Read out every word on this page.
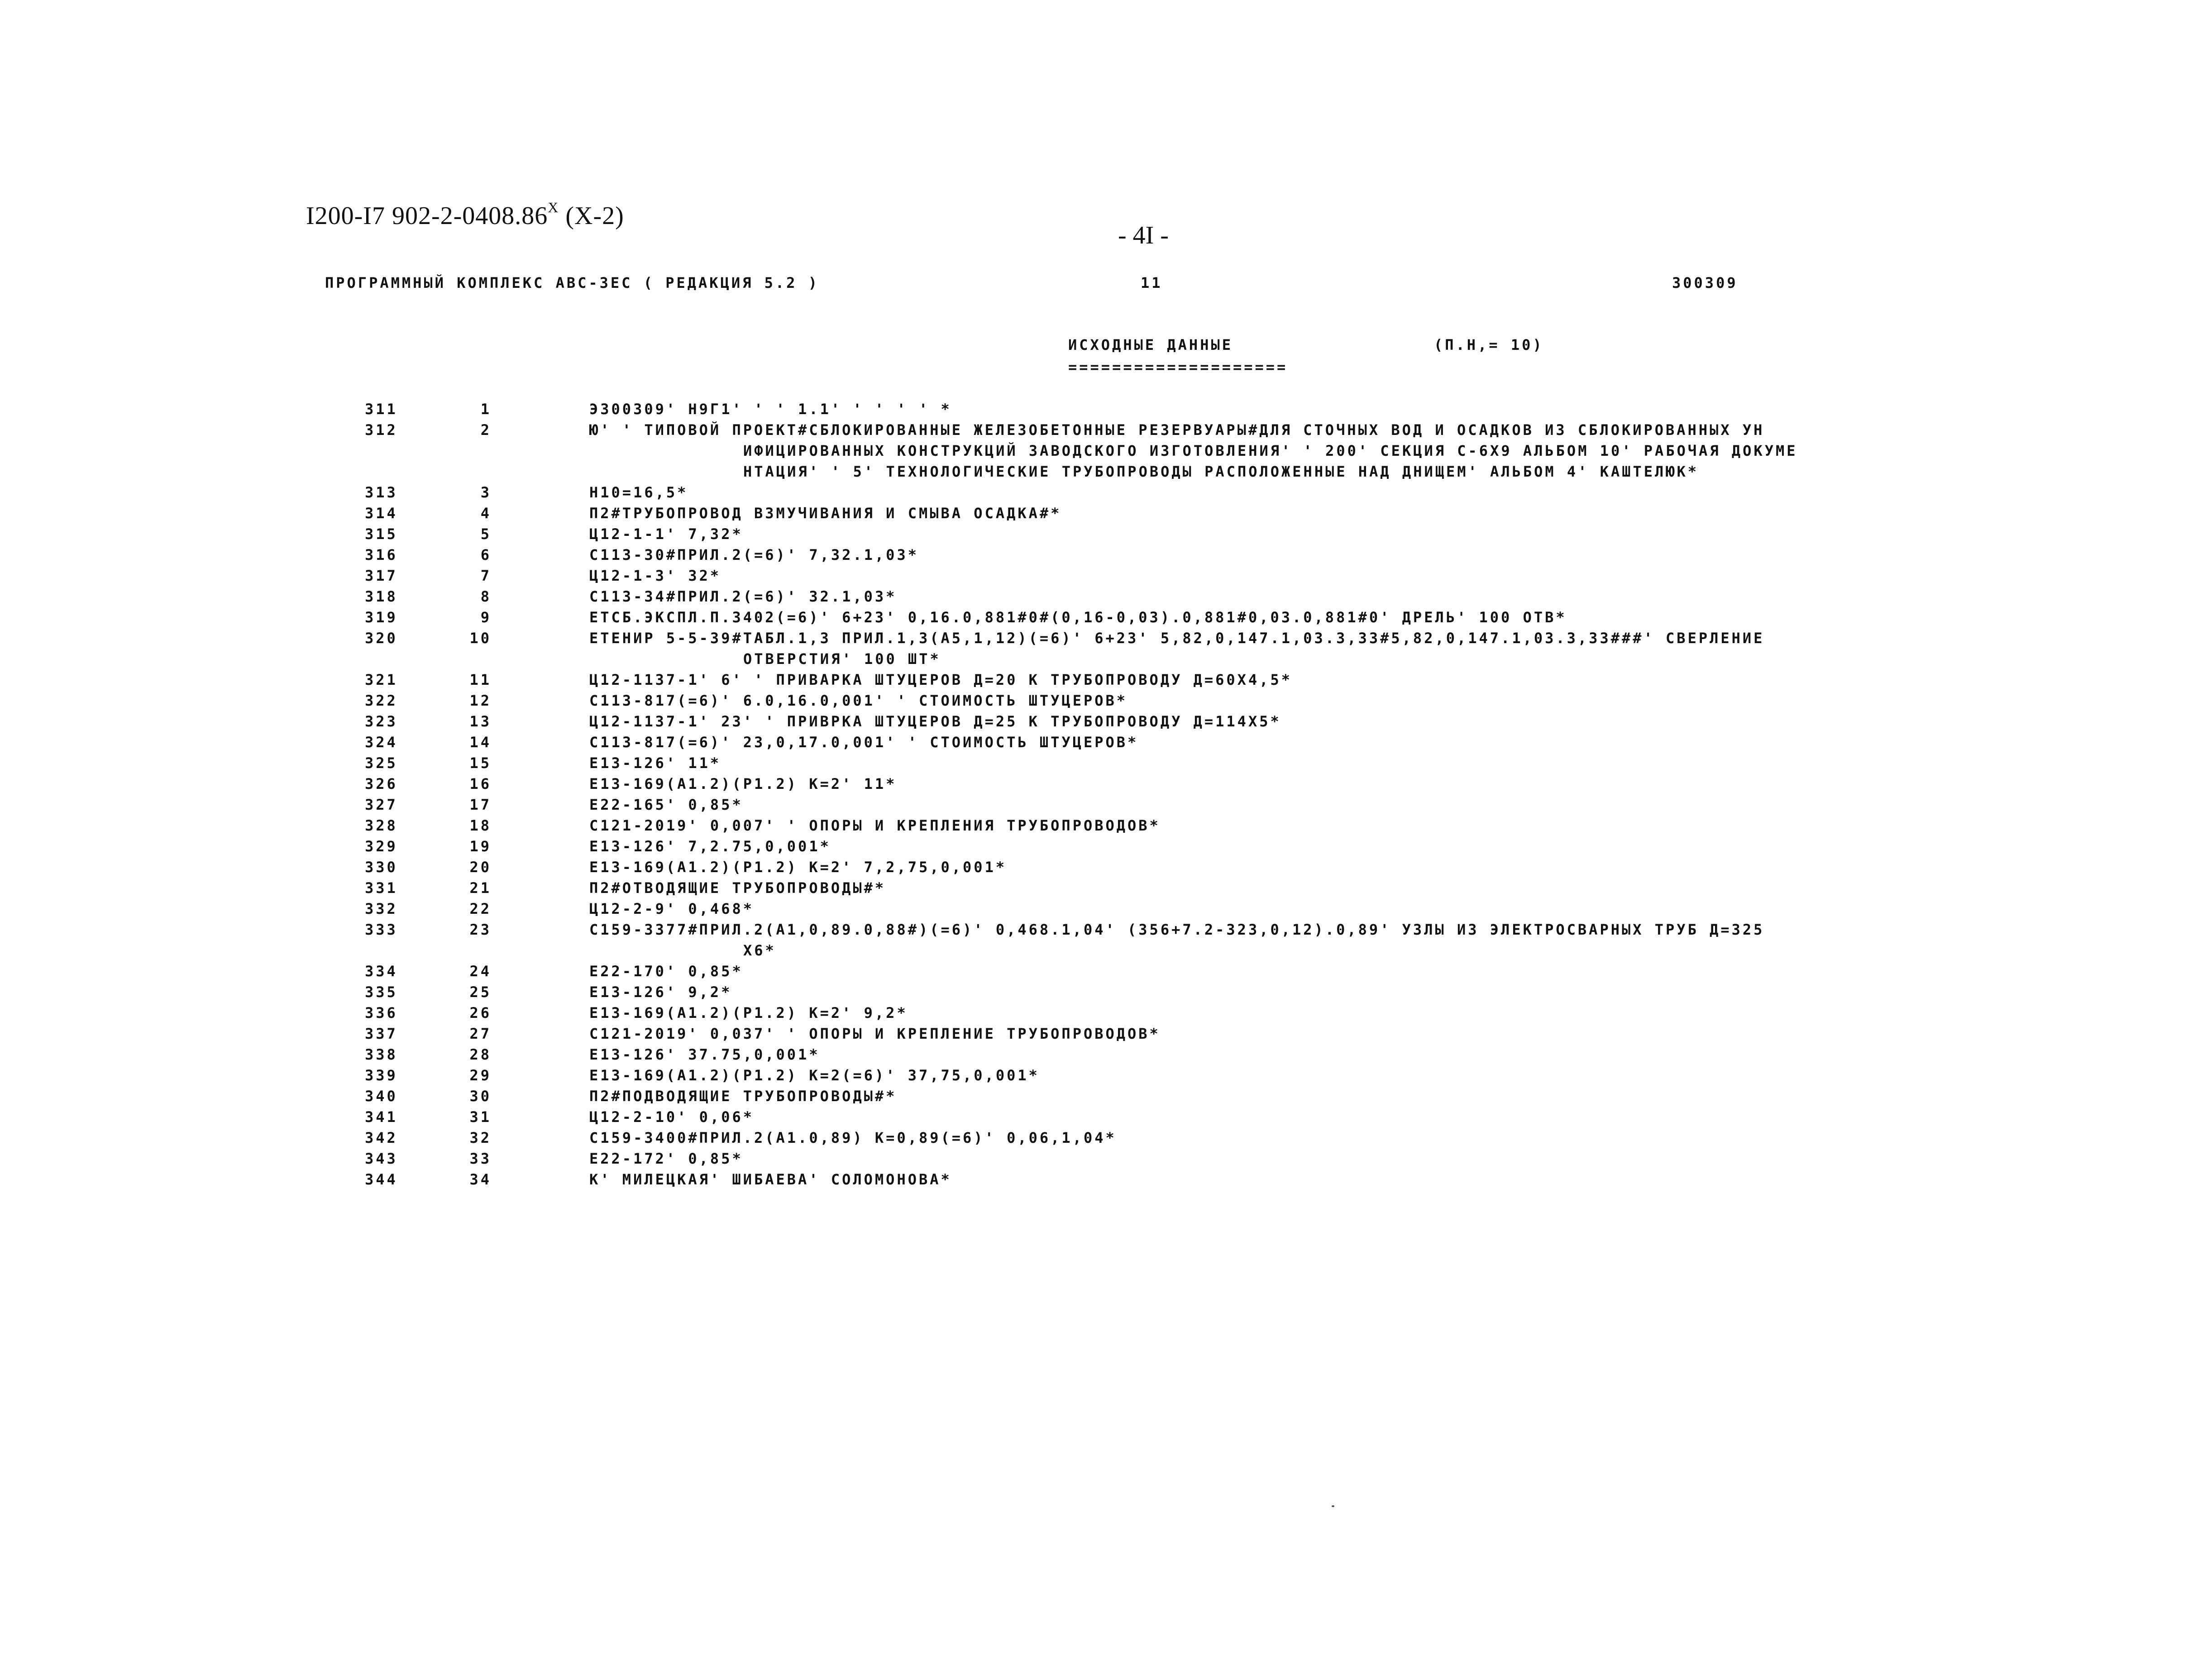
I200-I7 $902-2-0408.86^X$ (X-2)
- 4I -
ПРОГРАММНЫЙ КОМПЛЕКС АВС-3ЕС ( РЕДАКЦИЯ 5.2 )	11	300309
ИСХОДНЫЕ ДАННЫЕ	(П.Н,= 10)
====================
311	1	Э300309' Н9Г1' ' ' 1.1' ' ' ' ' *
312	2	Ю' ' ТИПОВОЙ ПРОЕКТ#СБЛОКИРОВАННЫЕ ЖЕЛЕЗОБЕТОННЫЕ РЕЗЕРВУАРЫ#ДЛЯ СТОЧНЫХ ВОД И ОСАДКОВ ИЗ СБЛОКИРОВАННЫХ УН
ИФИЦИРОВАННЫХ КОНСТРУКЦИЙ ЗАВОДСКОГО ИЗГОТОВЛЕНИЯ' ' 200' СЕКЦИЯ С-6Х9 АЛЬБОМ 10' РАБОЧАЯ ДОКУМЕ
НТАЦИЯ' ' 5' ТЕХНОЛОГИЧЕСКИЕ ТРУБОПРОВОДЫ РАСПОЛОЖЕННЫЕ НАД ДНИЩЕМ' АЛЬБОМ 4' КАШТЕЛЮК*
313	3	Н10=16,5*
314	4	П2#ТРУБОПРОВОД ВЗМУЧИВАНИЯ И СМЫВА ОСАДКА#*
315	5	Ц12-1-1' 7,32*
316	6	С113-30#ПРИЛ.2(=6)' 7,32.1,03*
317	7	Ц12-1-3' 32*
318	8	С113-34#ПРИЛ.2(=6)' 32.1,03*
319	9	ЕТСБ.ЭКСПЛ.П.3402(=6)' 6+23' 0,16.0,881#0#(0,16-0,03).0,881#0,03.0,881#0' ДРЕЛЬ' 100 ОТВ*
320	10	ЕТЕНИР 5-5-39#ТАБЛ.1,3 ПРИЛ.1,3(А5,1,12)(=6)' 6+23' 5,82,0,147.1,03.3,33#5,82,0,147.1,03.3,33###' СВЕРЛЕНИЕ
ОТВЕРСТИЯ' 100 ШТ*
321	11	Ц12-1137-1' 6' ' ПРИВАРКА ШТУЦЕРОВ Д=20 К ТРУБОПРОВОДУ Д=60Х4,5*
322	12	С113-817(=6)' 6.0,16.0,001' ' СТОИМОСТЬ ШТУЦЕРОВ*
323	13	Ц12-1137-1' 23' ' ПРИВРКА ШТУЦЕРОВ Д=25 К ТРУБОПРОВОДУ Д=114Х5*
324	14	С113-817(=6)' 23,0,17.0,001' ' СТОИМОСТЬ ШТУЦЕРОВ*
325	15	Е13-126' 11*
326	16	Е13-169(А1.2)(Р1.2) К=2' 11*
327	17	Е22-165' 0,85*
328	18	С121-2019' 0,007' ' ОПОРЫ И КРЕПЛЕНИЯ ТРУБОПРОВОДОВ*
329	19	Е13-126' 7,2.75,0,001*
330	20	Е13-169(А1.2)(Р1.2) К=2' 7,2,75,0,001*
331	21	П2#ОТВОДЯЩИЕ ТРУБОПРОВОДЫ#*
332	22	Ц12-2-9' 0,468*
333	23	С159-3377#ПРИЛ.2(А1,0,89.0,88#)(=6)' 0,468.1,04' (356+7.2-323,0,12).0,89' УЗЛЫ ИЗ ЭЛЕКТРОСВАРНЫХ ТРУБ Д=325
Х6*
334	24	Е22-170' 0,85*
335	25	Е13-126' 9,2*
336	26	Е13-169(А1.2)(Р1.2) К=2' 9,2*
337	27	С121-2019' 0,037' ' ОПОРЫ И КРЕПЛЕНИЕ ТРУБОПРОВОДОВ*
338	28	Е13-126' 37.75,0,001*
339	29	Е13-169(А1.2)(Р1.2) К=2(=6)' 37,75,0,001*
340	30	П2#ПОДВОДЯЩИЕ ТРУБОПРОВОДЫ#*
341	31	Ц12-2-10' 0,06*
342	32	С159-3400#ПРИЛ.2(А1.0,89) К=0,89(=6)' 0,06,1,04*
343	33	Е22-172' 0,85*
344	34	К' МИЛЕЦКАЯ' ШИБАЕВА' СОЛОМОНОВА*
